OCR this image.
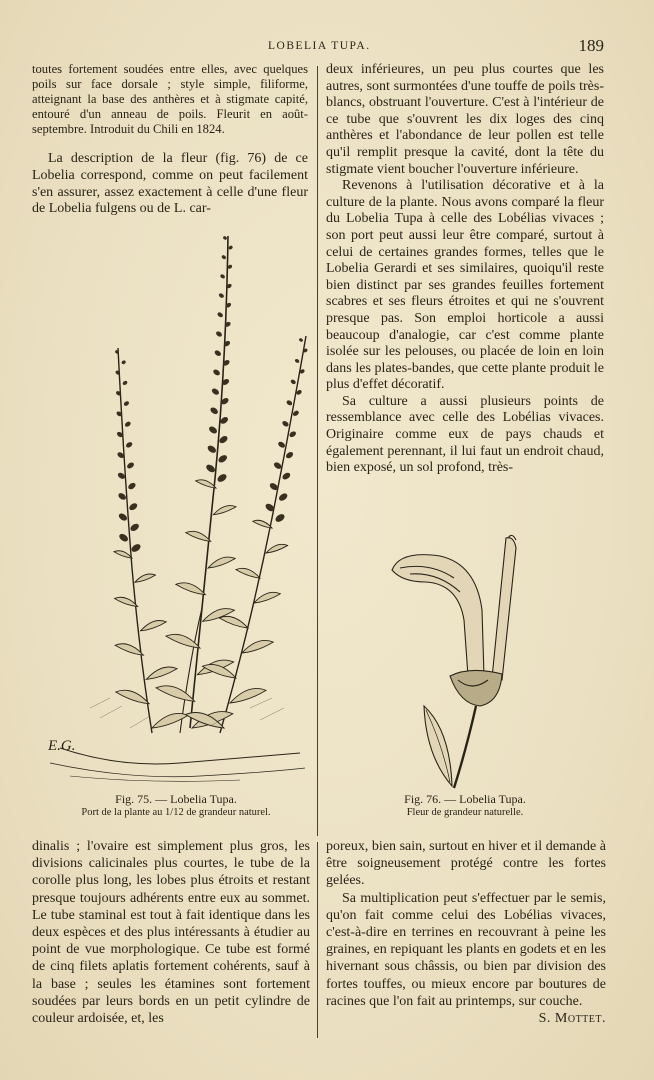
LOBELIA TUPA.	189

toutes fortement soudées entre elles, avec quelques poils sur face dorsale ; style simple, filiforme, atteignant la base des anthères et à stigmate capité, entouré d'un anneau de poils. Fleurit en août-septembre. Introduit du Chili en 1824.

La description de la fleur (fig. 76) de ce Lobelia correspond, comme on peut facilement s'en assurer, assez exactement à celle d'une fleur de Lobelia fulgens ou de L. car-

deux inférieures, un peu plus courtes que les autres, sont surmontées d'une touffe de poils très-blancs, obstruant l'ouverture. C'est à l'intérieur de ce tube que s'ouvrent les dix loges des cinq anthères et l'abondance de leur pollen est telle qu'il remplit presque la cavité, dont la tête du stigmate vient boucher l'ouverture inférieure.

Revenons à l'utilisation décorative et à la culture de la plante. Nous avons comparé la fleur du Lobelia Tupa à celle des Lobélias vivaces ; son port peut aussi leur être comparé, surtout à celui de certaines grandes formes, telles que le Lobelia Gerardi et ses similaires, quoiqu'il reste bien distinct par ses grandes feuilles fortement scabres et ses fleurs étroites et qui ne s'ouvrent presque pas. Son emploi horticole a aussi beaucoup d'analogie, car c'est comme plante isolée sur les pelouses, ou placée de loin en loin dans les plates-bandes, que cette plante produit le plus d'effet décoratif.

Sa culture a aussi plusieurs points de ressemblance avec celle des Lobélias vivaces. Originaire comme eux de pays chauds et également perennant, il lui faut un endroit chaud, bien exposé, un sol profond, très-

E.G.
Fig. 75. — Lobelia Tupa.
Port de la plante au 1/12 de grandeur naturel.
Fig. 76. — Lobelia Tupa.
Fleur de grandeur naturelle.

dinalis ; l'ovaire est simplement plus gros, les divisions calicinales plus courtes, le tube de la corolle plus long, les lobes plus étroits et restant presque toujours adhérents entre eux au sommet. Le tube staminal est tout à fait identique dans les deux espèces et des plus intéressants à étudier au point de vue morphologique. Ce tube est formé de cinq filets aplatis fortement cohérents, sauf à la base ; seules les étamines sont fortement soudées par leurs bords en un petit cylindre de couleur ardoisée, et, les

poreux, bien sain, surtout en hiver et il demande à être soigneusement protégé contre les fortes gelées.

Sa multiplication peut s'effectuer par le semis, qu'on fait comme celui des Lobélias vivaces, c'est-à-dire en terrines en recouvrant à peine les graines, en repiquant les plants en godets et en les hivernant sous châssis, ou bien par division des fortes touffes, ou mieux encore par boutures de racines que l'on fait au printemps, sur couche.
S. Mottet.
